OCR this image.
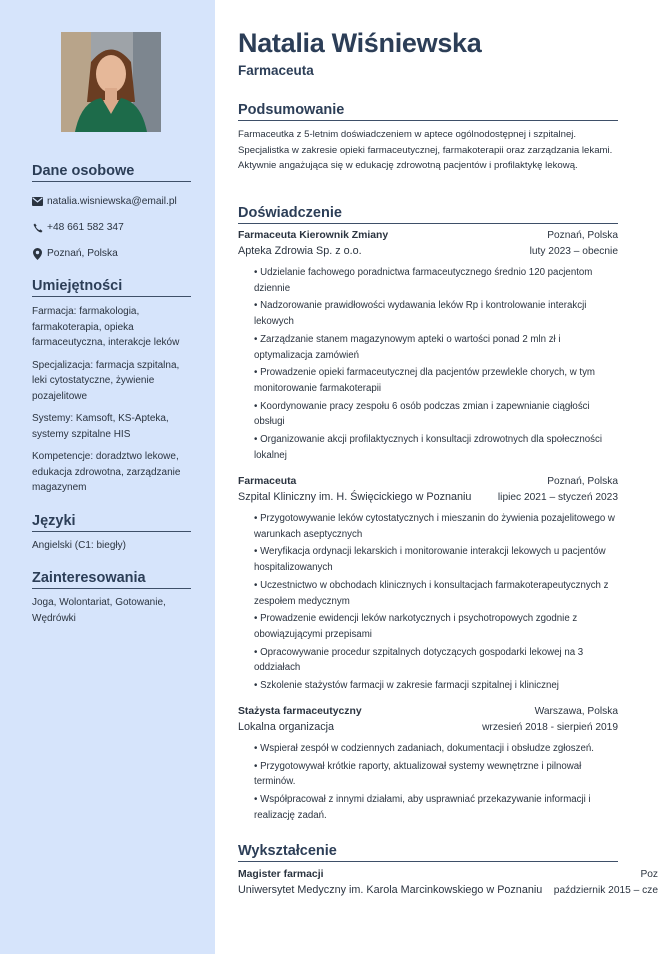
Dane osobowe
natalia.wisniewska@email.pl
+48 661 582 347
Poznań, Polska
Umiejętności
Farmacja: farmakologia, farmakoterapia, opieka farmaceutyczna, interakcje leków
Specjalizacja: farmacja szpitalna, leki cytostatyczne, żywienie pozajelitowe
Systemy: Kamsoft, KS-Apteka, systemy szpitalne HIS
Kompetencje: doradztwo lekowe, edukacja zdrowotna, zarządzanie magazynem
Języki
Angielski (C1: biegły)
Zainteresowania
Joga, Wolontariat, Gotowanie, Wędrówki
Natalia Wiśniewska
Farmaceuta
Podsumowanie
Farmaceutka z 5-letnim doświadczeniem w aptece ogólnodostępnej i szpitalnej. Specjalistka w zakresie opieki farmaceutycznej, farmakoterapii oraz zarządzania lekami. Aktywnie angażująca się w edukację zdrowotną pacjentów i profilaktykę lekową.
Doświadczenie
Farmaceuta Kierownik Zmiany	Poznań, Polska
Apteka Zdrowia Sp. z o.o.	luty 2023 – obecnie
• Udzielanie fachowego poradnictwa farmaceutycznego średnio 120 pacjentom dziennie
• Nadzorowanie prawidłowości wydawania leków Rp i kontrolowanie interakcji lekowych
• Zarządzanie stanem magazynowym apteki o wartości ponad 2 mln zł i optymalizacja zamówień
• Prowadzenie opieki farmaceutycznej dla pacjentów przewlekle chorych, w tym monitorowanie farmakoterapii
• Koordynowanie pracy zespołu 6 osób podczas zmian i zapewnianie ciągłości obsługi
• Organizowanie akcji profilaktycznych i konsultacji zdrowotnych dla społeczności lokalnej
Farmaceuta	Poznań, Polska
Szpital Kliniczny im. H. Święcickiego w Poznaniu	lipiec 2021 – styczeń 2023
• Przygotowywanie leków cytostatycznych i mieszanin do żywienia pozajelitowego w warunkach aseptycznych
• Weryfikacja ordynacji lekarskich i monitorowanie interakcji lekowych u pacjentów hospitalizowanych
• Uczestnictwo w obchodach klinicznych i konsultacjach farmakoterapeutycznych z zespołem medycznym
• Prowadzenie ewidencji leków narkotycznych i psychotropowych zgodnie z obowiązującymi przepisami
• Opracowywanie procedur szpitalnych dotyczących gospodarki lekowej na 3 oddziałach
• Szkolenie stażystów farmacji w zakresie farmacji szpitalnej i klinicznej
Stażysta farmaceutyczny	Warszawa, Polska
Lokalna organizacja	wrzesień 2018 - sierpień 2019
• Wspierał zespół w codziennych zadaniach, dokumentacji i obsłudze zgłoszeń.
• Przygotowywał krótkie raporty, aktualizował systemy wewnętrzne i pilnował terminów.
• Współpracował z innymi działami, aby usprawniać przekazywanie informacji i realizację zadań.
Wykształcenie
Magister farmacji	Poz
Uniwersytet Medyczny im. Karola Marcinkowskiego w Poznaniu październik 2015 – cze
